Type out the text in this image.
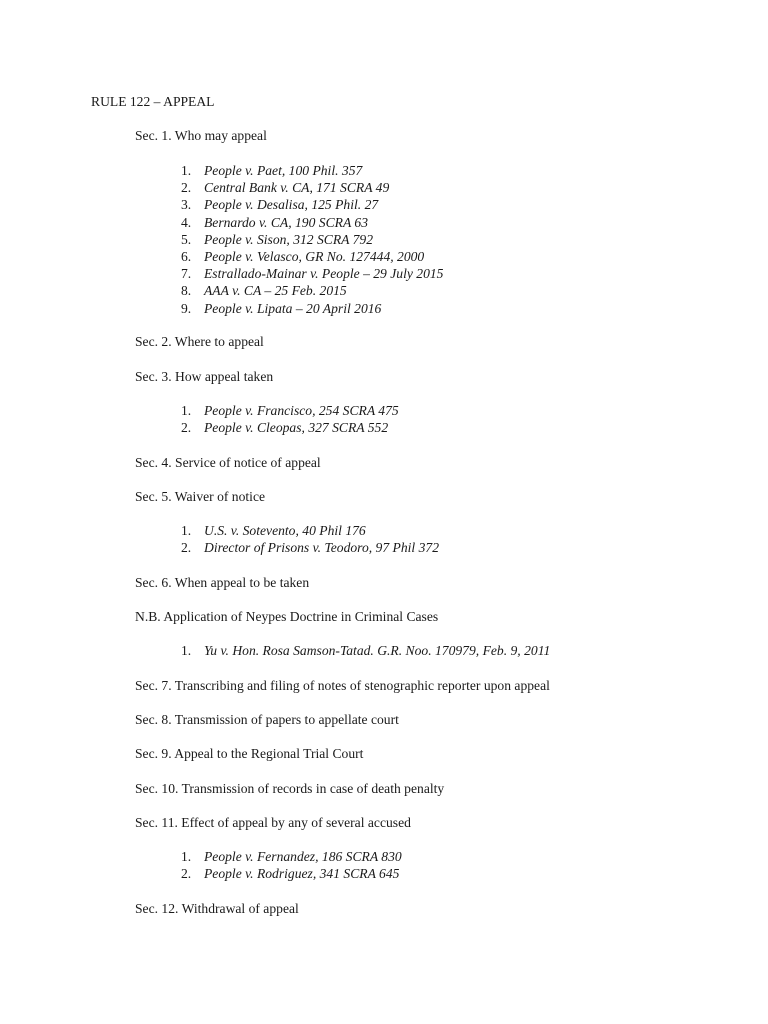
RULE 122 – APPEAL
Sec. 1. Who may appeal
1. People v. Paet, 100 Phil. 357
2. Central Bank v. CA, 171 SCRA 49
3. People v. Desalisa, 125 Phil. 27
4. Bernardo v. CA, 190 SCRA 63
5. People v. Sison, 312 SCRA 792
6. People v. Velasco, GR No. 127444, 2000
7. Estrallado-Mainar v. People – 29 July 2015
8. AAA v. CA – 25 Feb. 2015
9. People v. Lipata – 20 April 2016
Sec. 2. Where to appeal
Sec. 3. How appeal taken
1. People v. Francisco, 254 SCRA 475
2. People v. Cleopas, 327 SCRA 552
Sec. 4. Service of notice of appeal
Sec. 5. Waiver of notice
1. U.S. v. Sotevento, 40 Phil 176
2. Director of Prisons v. Teodoro, 97 Phil 372
Sec. 6. When appeal to be taken
N.B. Application of Neypes Doctrine in Criminal Cases
1. Yu v. Hon. Rosa Samson-Tatad. G.R. Noo. 170979, Feb. 9, 2011
Sec. 7. Transcribing and filing of notes of stenographic reporter upon appeal
Sec. 8. Transmission of papers to appellate court
Sec. 9. Appeal to the Regional Trial Court
Sec. 10. Transmission of records in case of death penalty
Sec. 11. Effect of appeal by any of several accused
1. People v. Fernandez, 186 SCRA 830
2. People v. Rodriguez, 341 SCRA 645
Sec. 12. Withdrawal of appeal
